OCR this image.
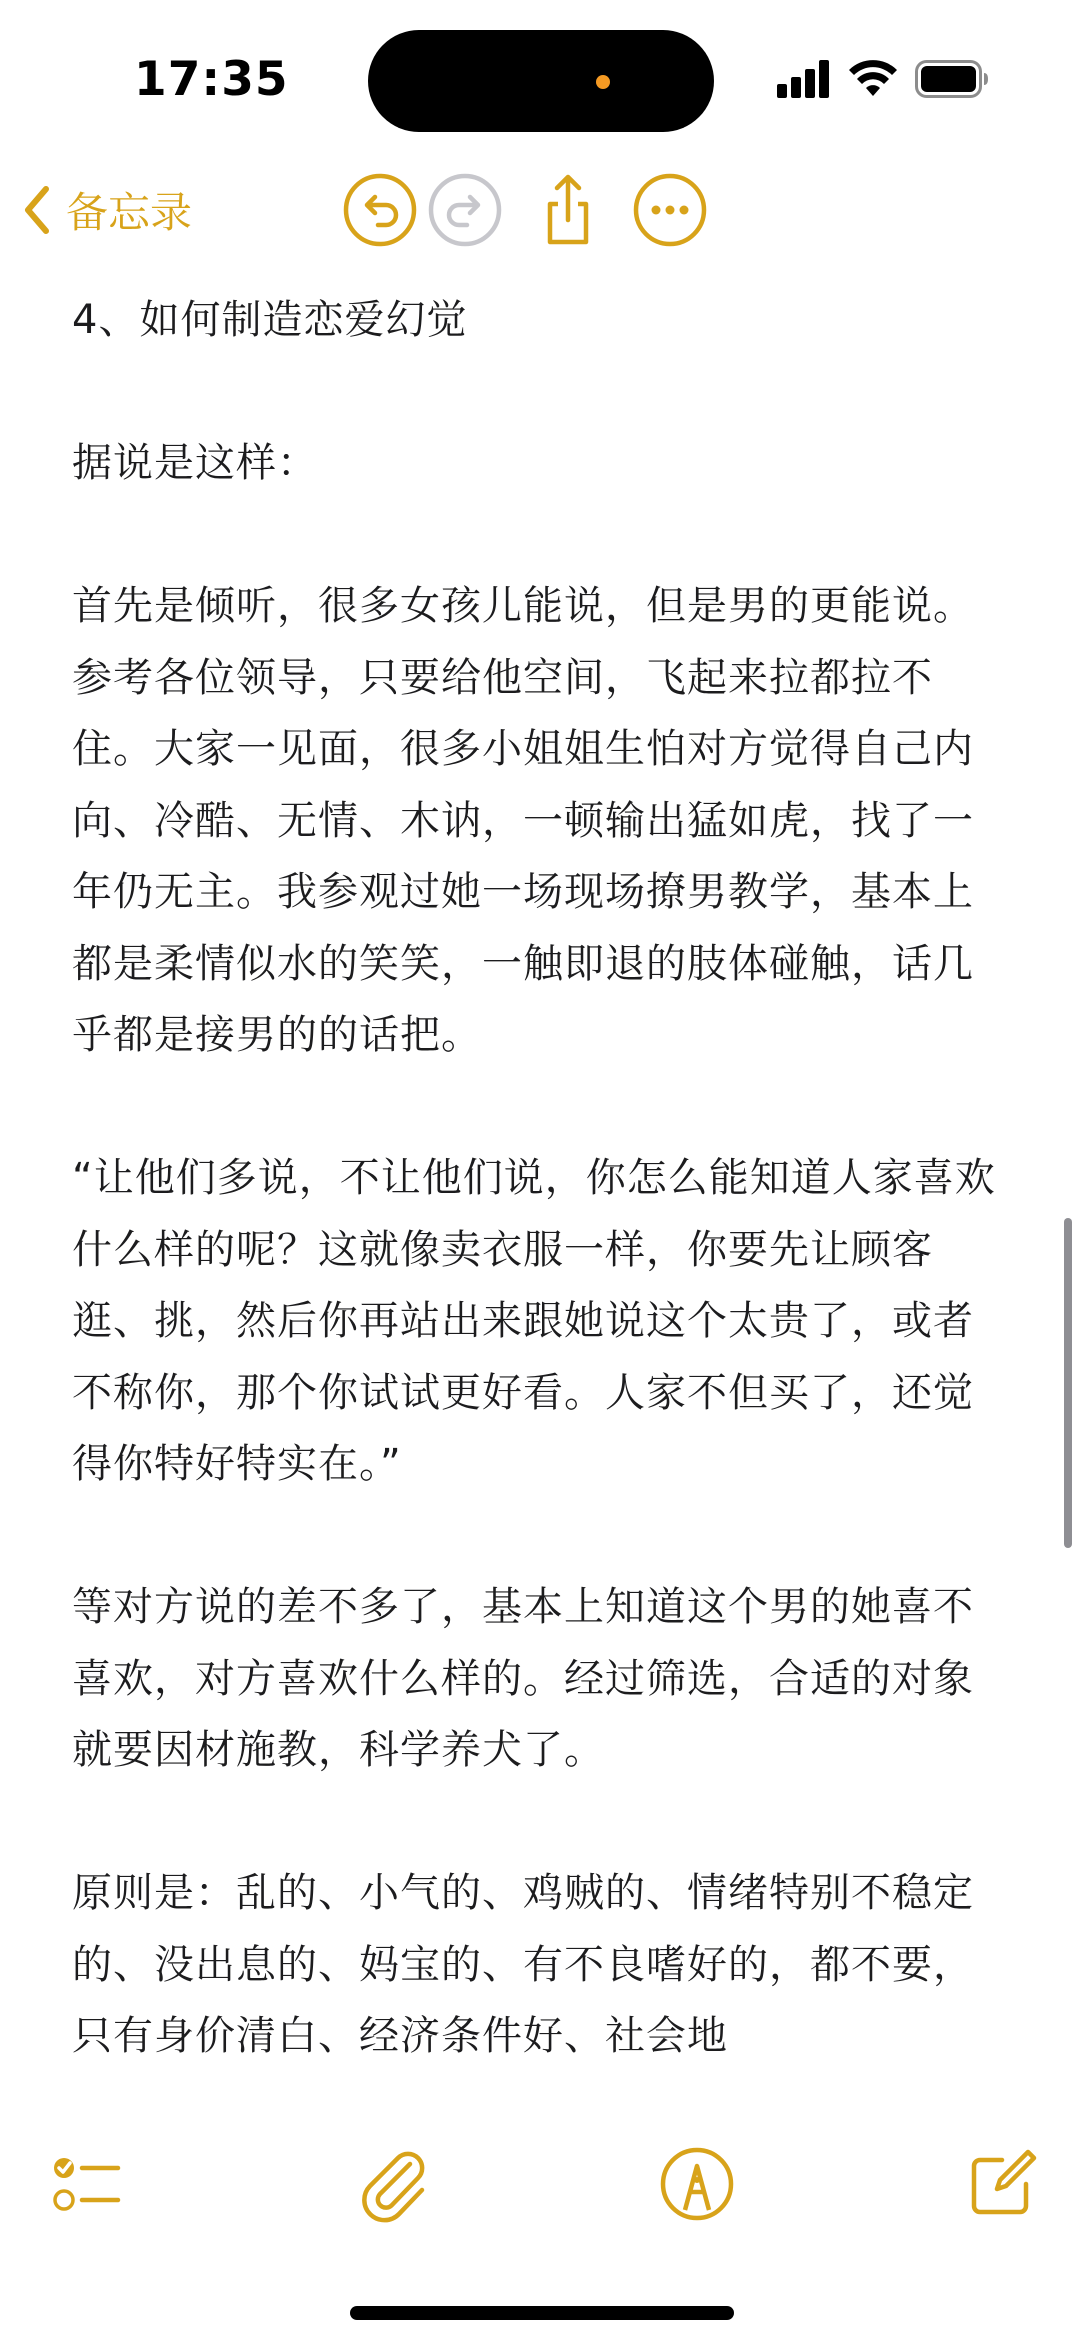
17:35
备忘录
4、如何制造恋爱幻觉
据说是这样：
首先是倾听，很多女孩儿能说，但是男的更能说。参考各位领导，只要给他空间，飞起来拉都拉不住。大家一见面，很多小姐姐生怕对方觉得自己内向、冷酷、无情、木讷，一顿输出猛如虎，找了一年仍无主。我参观过她一场现场撩男教学，基本上都是柔情似水的笑笑，一触即退的肢体碰触，话几乎都是接男的的话把。
“让他们多说，不让他们说，你怎么能知道人家喜欢什么样的呢？这就像卖衣服一样，你要先让顾客逛、挑，然后你再站出来跟她说这个太贵了，或者不称你，那个你试试更好看。人家不但买了，还觉得你特好特实在。”
等对方说的差不多了，基本上知道这个男的她喜不喜欢，对方喜欢什么样的。经过筛选，合适的对象就要因材施教，科学养犬了。
原则是：乱的、小气的、鸡贼的、情绪特别不稳定的、没出息的、妈宝的、有不良嗜好的，都不要，只有身价清白、经济条件好、社会地
